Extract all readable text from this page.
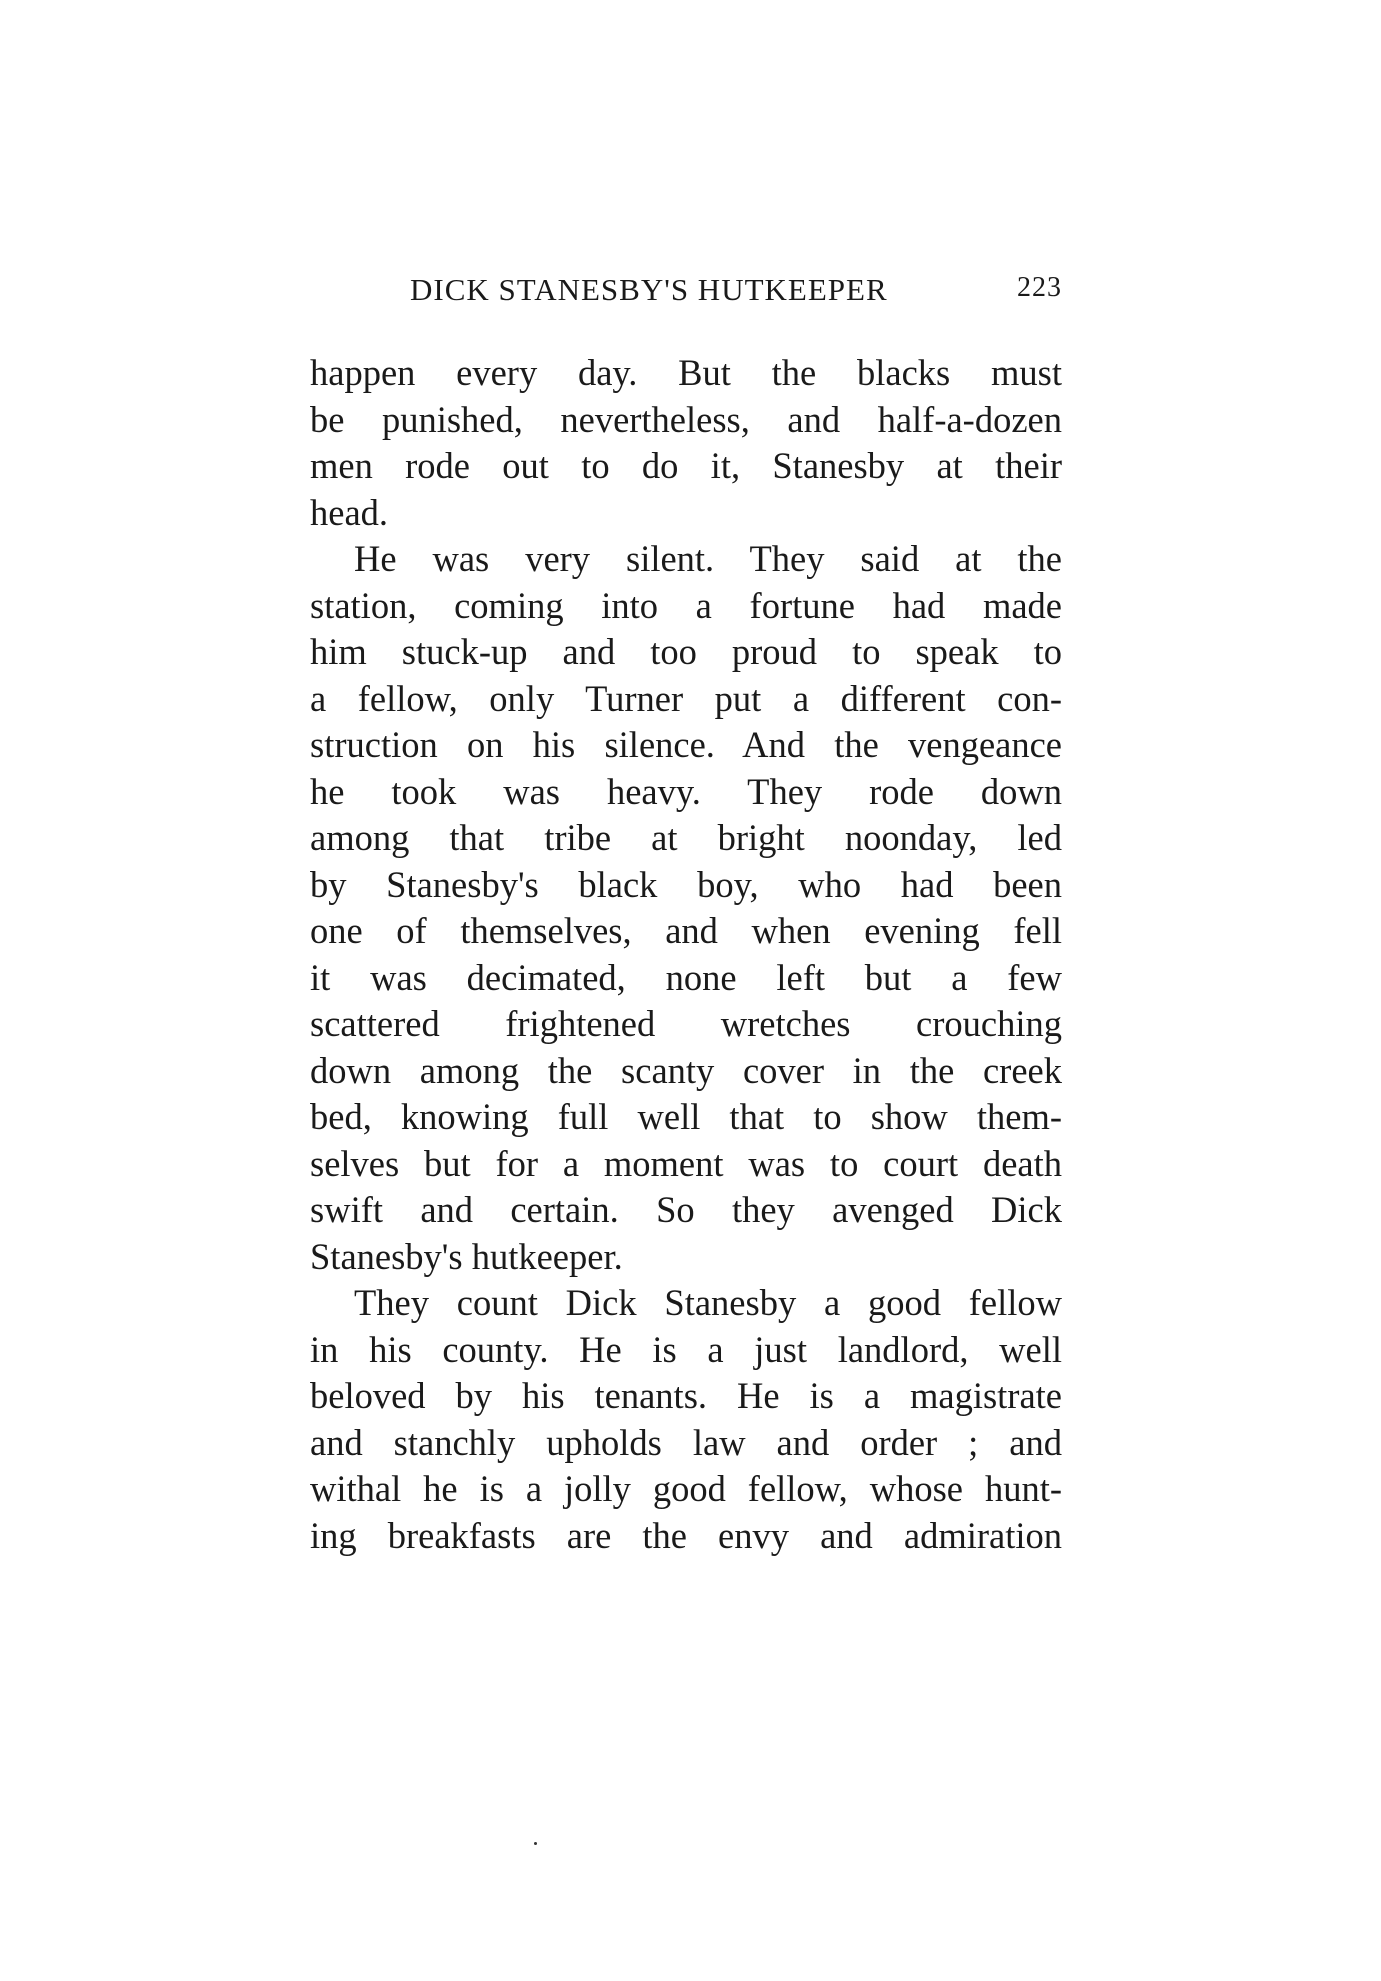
DICK STANESBY'S HUTKEEPER	223
happen every day. But the blacks must
be punished, nevertheless, and half-a-dozen
men rode out to do it, Stanesby at their
head.
He was very silent. They said at the
station, coming into a fortune had made
him stuck-up and too proud to speak to
a fellow, only Turner put a different con-
struction on his silence. And the vengeance
he took was heavy. They rode down
among that tribe at bright noonday, led
by Stanesby's black boy, who had been
one of themselves, and when evening fell
it was decimated, none left but a few
scattered frightened wretches crouching
down among the scanty cover in the creek
bed, knowing full well that to show them-
selves but for a moment was to court death
swift and certain. So they avenged Dick
Stanesby's hutkeeper.
They count Dick Stanesby a good fellow
in his county. He is a just landlord, well
beloved by his tenants. He is a magistrate
and stanchly upholds law and order ; and
withal he is a jolly good fellow, whose hunt-
ing breakfasts are the envy and admiration
